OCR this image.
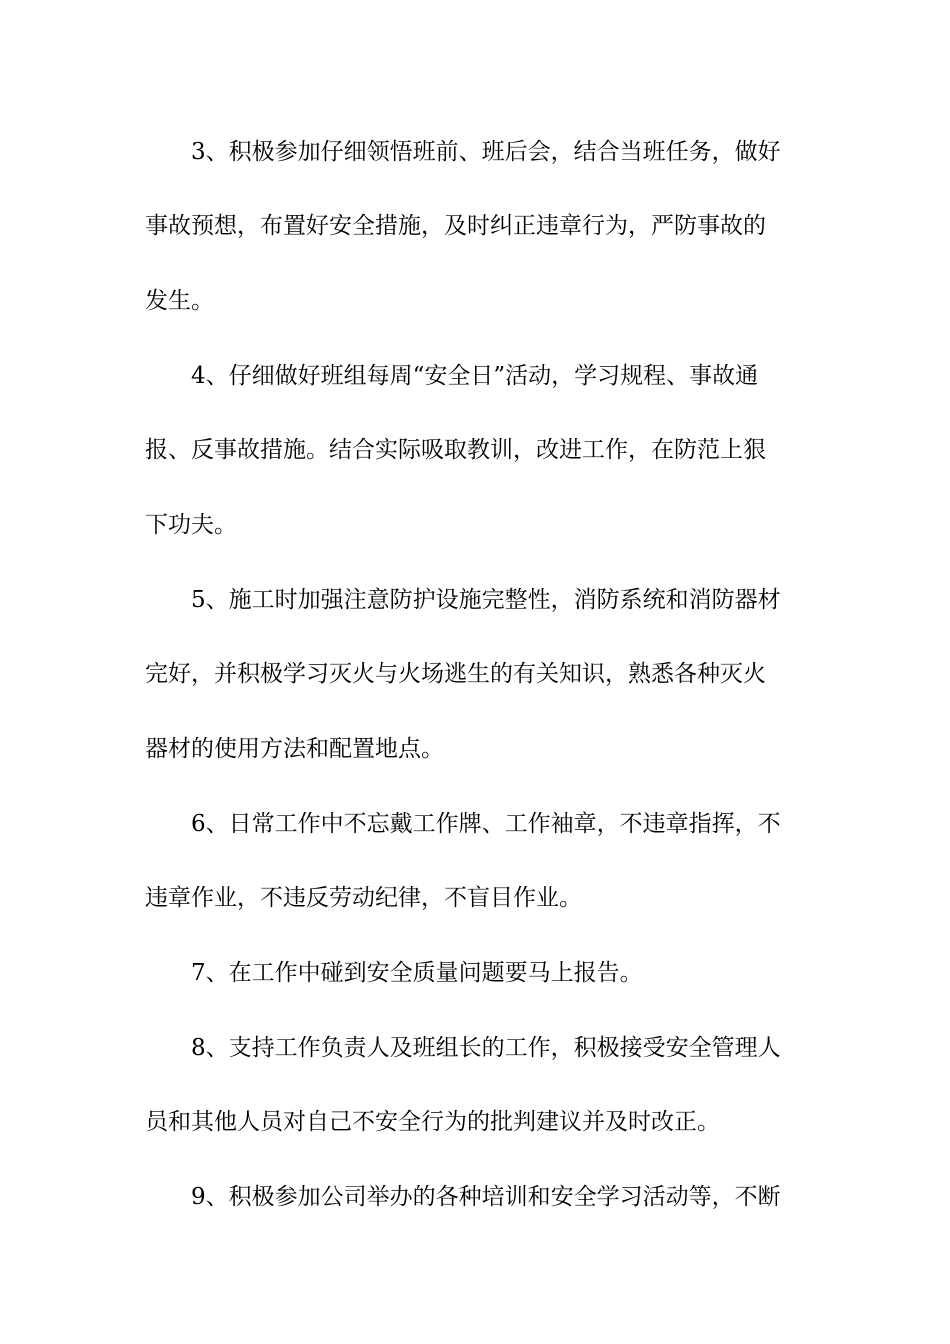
3、积极参加仔细领悟班前、班后会，结合当班任务，做好
事故预想，布置好安全措施，及时纠正违章行为，严防事故的
发生。
4、仔细做好班组每周“安全日”活动，学习规程、事故通
报、反事故措施。结合实际吸取教训，改进工作，在防范上狠
下功夫。
5、施工时加强注意防护设施完整性，消防系统和消防器材
完好，并积极学习灭火与火场逃生的有关知识，熟悉各种灭火
器材的使用方法和配置地点。
6、日常工作中不忘戴工作牌、工作袖章，不违章指挥，不
违章作业，不违反劳动纪律，不盲目作业。
7、在工作中碰到安全质量问题要马上报告。
8、支持工作负责人及班组长的工作，积极接受安全管理人
员和其他人员对自己不安全行为的批判建议并及时改正。
9、积极参加公司举办的各种培训和安全学习活动等，不断
